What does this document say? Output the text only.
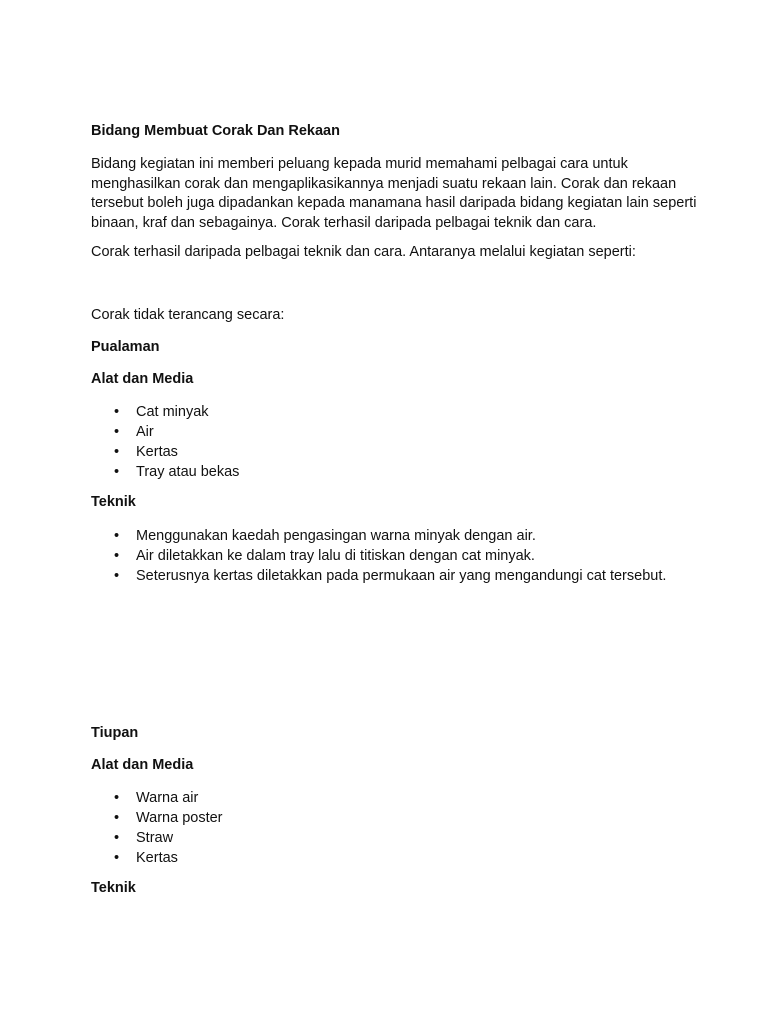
Bidang Membuat Corak Dan Rekaan

Bidang kegiatan ini memberi peluang kepada murid memahami pelbagai cara untuk
menghasilkan corak dan mengaplikasikannya menjadi suatu rekaan lain. Corak dan rekaan
tersebut boleh juga dipadankan kepada manamana hasil daripada bidang kegiatan lain seperti
binaan, kraf dan sebagainya. Corak terhasil daripada pelbagai teknik dan cara.

Corak terhasil daripada pelbagai teknik dan cara. Antaranya melalui kegiatan seperti:

Corak tidak terancang secara:

Pualaman

Alat dan Media

• Cat minyak
• Air
• Kertas
• Tray atau bekas

Teknik

• Menggunakan kaedah pengasingan warna minyak dengan air.
• Air diletakkan ke dalam tray lalu di titiskan dengan cat minyak.
• Seterusnya kertas diletakkan pada permukaan air yang mengandungi cat tersebut.

Tiupan

Alat dan Media

• Warna air
• Warna poster
• Straw
• Kertas

Teknik
